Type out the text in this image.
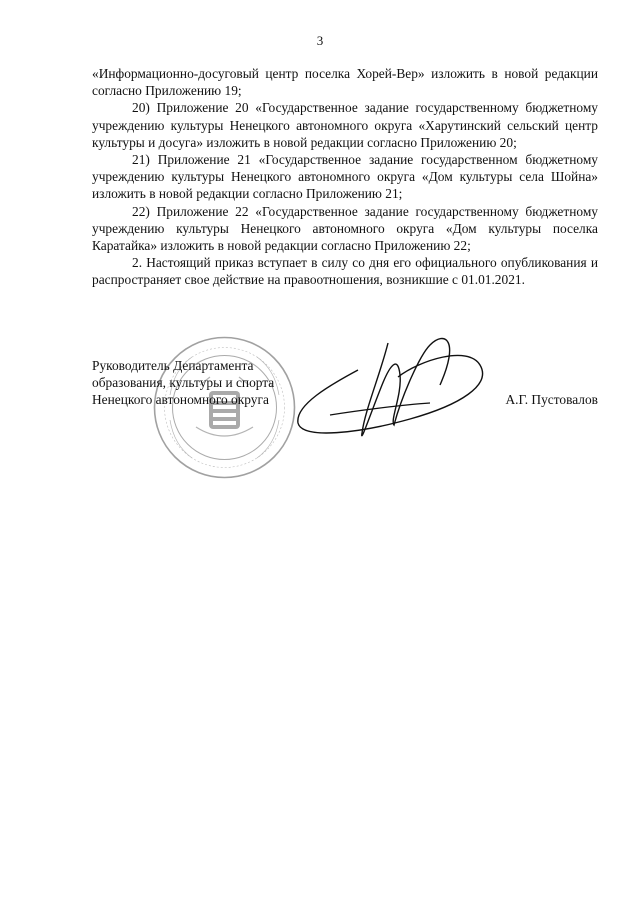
3

«Информационно-досуговый центр поселка Хорей-Вер» изложить в новой редакции согласно Приложению 19;

20) Приложение 20 «Государственное задание государственному бюджетному учреждению культуры Ненецкого автономного округа «Харутинский сельский центр культуры и досуга» изложить в новой редакции согласно Приложению 20;

21) Приложение 21 «Государственное задание государственном бюджетному учреждению культуры Ненецкого автономного округа «Дом культуры села Шойна» изложить в новой редакции согласно Приложению 21;

22) Приложение 22 «Государственное задание государственному бюджетному учреждению культуры Ненецкого автономного округа «Дом культуры поселка Каратайка» изложить в новой редакции согласно Приложению 22;

2. Настоящий приказ вступает в силу со дня его официального опубликования и распространяет свое действие на правоотношения, возникшие с 01.01.2021.

Руководитель Департамента
образования, культуры и спорта
Ненецкого автономного округа	А.Г. Пустовалов
